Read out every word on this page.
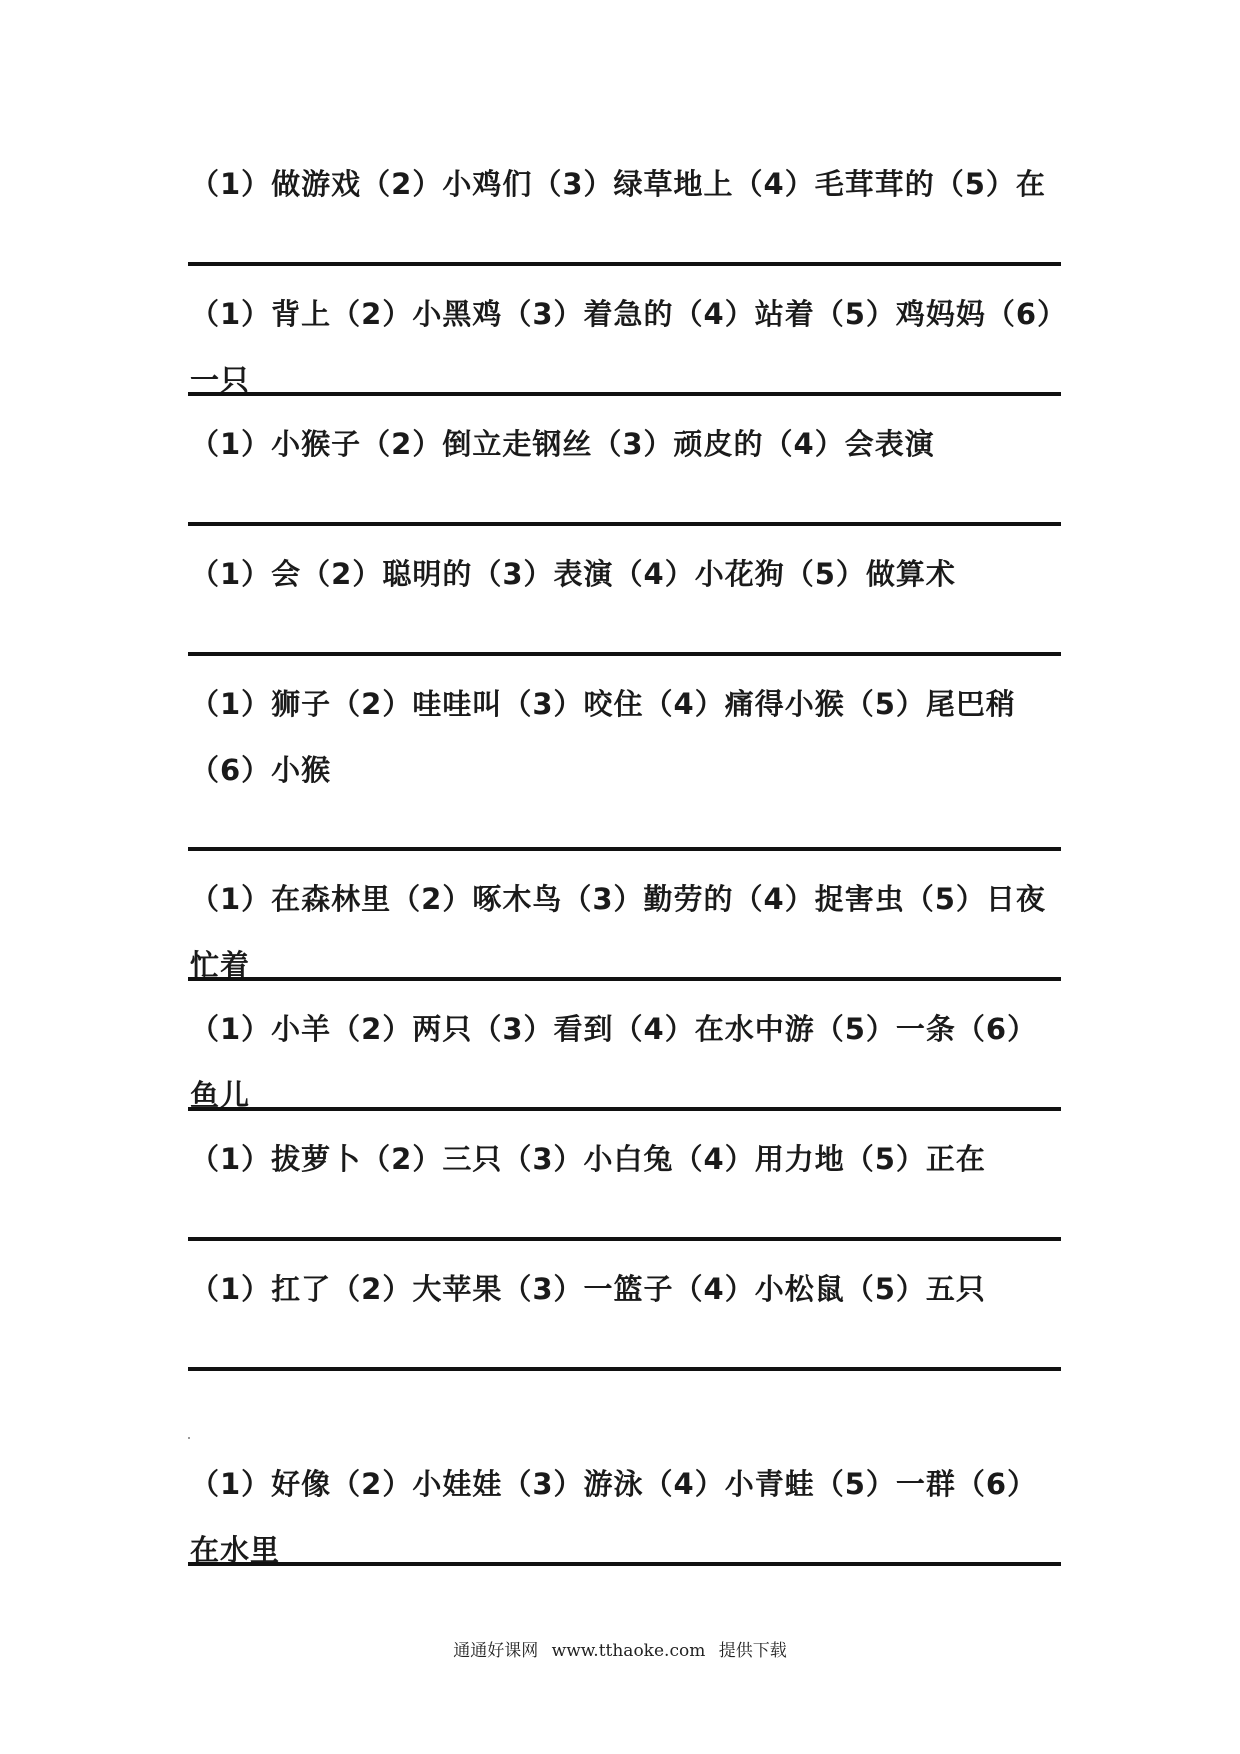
（1）做游戏（2）小鸡们（3）绿草地上（4）毛茸茸的（5）在
（1）背上（2）小黑鸡（3）着急的（4）站着（5）鸡妈妈（6）一只
（1）小猴子（2）倒立走钢丝（3）顽皮的（4）会表演
（1）会（2）聪明的（3）表演（4）小花狗（5）做算术
（1）狮子（2）哇哇叫（3）咬住（4）痛得小猴（5）尾巴稍（6）小猴
（1）在森林里（2）啄木鸟（3）勤劳的（4）捉害虫（5）日夜忙着
（1）小羊（2）两只（3）看到（4）在水中游（5）一条（6）鱼儿
（1）拔萝卜（2）三只（3）小白兔（4）用力地（5）正在
（1）扛了（2）大苹果（3）一篮子（4）小松鼠（5）五只
（1）好像（2）小娃娃（3）游泳（4）小青蛙（5）一群（6）在水里
通通好课网 www.tthaoke.com 提供下载
